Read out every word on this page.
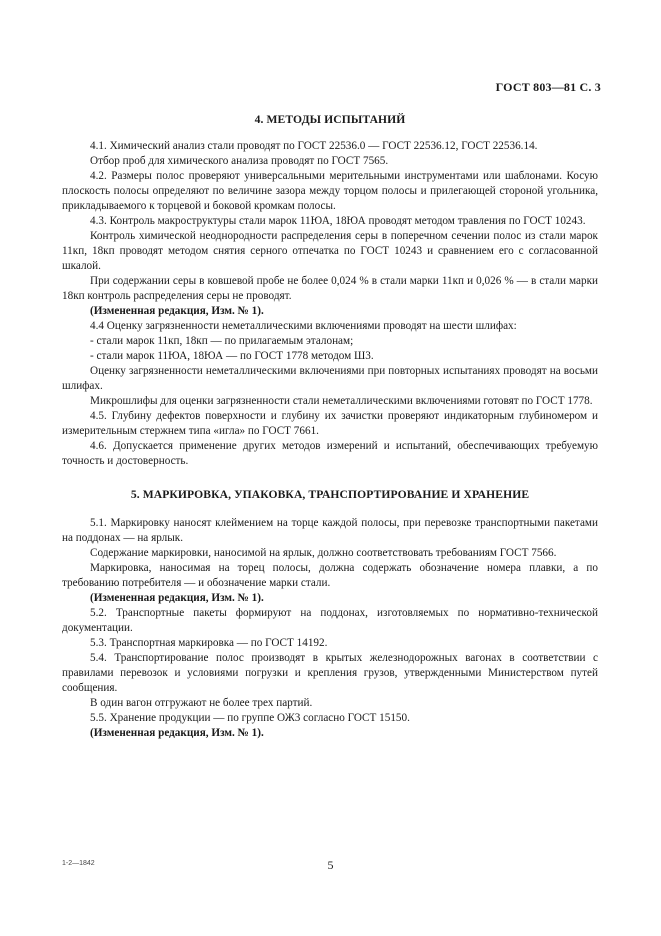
ГОСТ 803—81 С. 3
4. МЕТОДЫ ИСПЫТАНИЙ

4.1. Химический анализ стали проводят по ГОСТ 22536.0 — ГОСТ 22536.12, ГОСТ 22536.14.

Отбор проб для химического анализа проводят по ГОСТ 7565.

4.2. Размеры полос проверяют универсальными мерительными инструментами или шаблонами. Косую плоскость полосы определяют по величине зазора между торцом полосы и прилегающей стороной угольника, прикладываемого к торцевой и боковой кромкам полосы.

4.3. Контроль макроструктуры стали марок 11ЮА, 18ЮА проводят методом травления по ГОСТ 10243.

Контроль химической неоднородности распределения серы в поперечном сечении полос из стали марок 11кп, 18кп проводят методом снятия серного отпечатка по ГОСТ 10243 и сравнением его с согласованной шкалой.

При содержании серы в ковшевой пробе не более 0,024 % в стали марки 11кп и 0,026 % — в стали марки 18кп контроль распределения серы не проводят.

(Измененная редакция, Изм. № 1).

4.4 Оценку загрязненности неметаллическими включениями проводят на шести шлифах:

- стали марок 11кп, 18кп — по прилагаемым эталонам;

- стали марок 11ЮА, 18ЮА — по ГОСТ 1778 методом Ш3.

Оценку загрязненности неметаллическими включениями при повторных испытаниях проводят на восьми шлифах.

Микрошлифы для оценки загрязненности стали неметаллическими включениями готовят по ГОСТ 1778.

4.5. Глубину дефектов поверхности и глубину их зачистки проверяют индикаторным глубиномером и измерительным стержнем типа «игла» по ГОСТ 7661.

4.6. Допускается применение других методов измерений и испытаний, обеспечивающих требуемую точность и достоверность.

5. МАРКИРОВКА, УПАКОВКА, ТРАНСПОРТИРОВАНИЕ И ХРАНЕНИЕ

5.1. Маркировку наносят клеймением на торце каждой полосы, при перевозке транспортными пакетами на поддонах — на ярлык.

Содержание маркировки, наносимой на ярлык, должно соответствовать требованиям ГОСТ 7566.

Маркировка, наносимая на торец полосы, должна содержать обозначение номера плавки, а по требованию потребителя — и обозначение марки стали.

(Измененная редакция, Изм. № 1).

5.2. Транспортные пакеты формируют на поддонах, изготовляемых по нормативно-технической документации.

5.3. Транспортная маркировка — по ГОСТ 14192.

5.4. Транспортирование полос производят в крытых железнодорожных вагонах в соответствии с правилами перевозок и условиями погрузки и крепления грузов, утвержденными Министерством путей сообщения.

В один вагон отгружают не более трех партий.

5.5. Хранение продукции — по группе ОЖ3 согласно ГОСТ 15150.

(Измененная редакция, Изм. № 1).

1-2—1842	5
